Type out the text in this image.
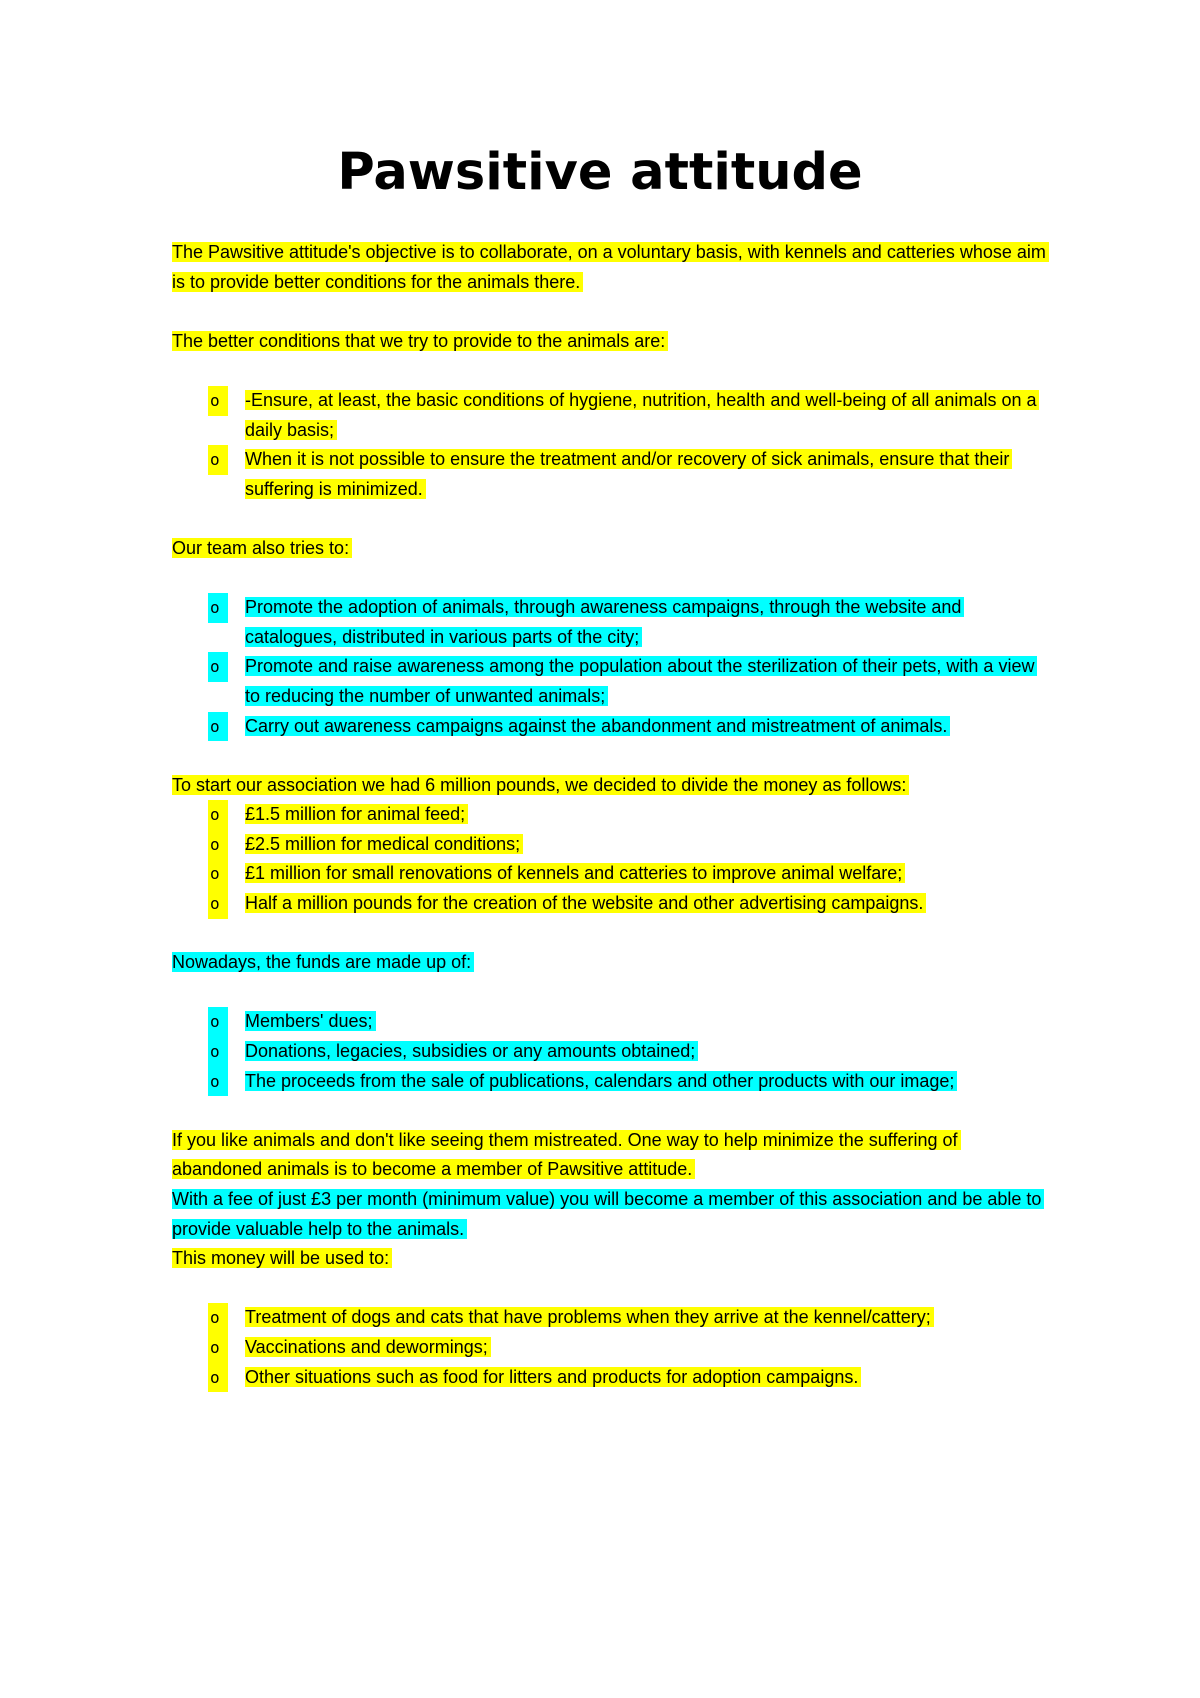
Pawsitive attitude

The Pawsitive attitude's objective is to collaborate, on a voluntary basis, with kennels and catteries whose aim is to provide better conditions for the animals there.

The better conditions that we try to provide to the animals are:

o	-Ensure, at least, the basic conditions of hygiene, nutrition, health and well-being of all animals on a daily basis;
o	When it is not possible to ensure the treatment and/or recovery of sick animals, ensure that their suffering is minimized.

Our team also tries to:

o	Promote the adoption of animals, through awareness campaigns, through the website and catalogues, distributed in various parts of the city;
o	Promote and raise awareness among the population about the sterilization of their pets, with a view to reducing the number of unwanted animals;
o	Carry out awareness campaigns against the abandonment and mistreatment of animals.

To start our association we had 6 million pounds, we decided to divide the money as follows:

o	£1.5 million for animal feed;
o	£2.5 million for medical conditions;
o	£1 million for small renovations of kennels and catteries to improve animal welfare;
o	Half a million pounds for the creation of the website and other advertising campaigns.

Nowadays, the funds are made up of:

o	Members' dues;
o	Donations, legacies, subsidies or any amounts obtained;
o	The proceeds from the sale of publications, calendars and other products with our image;

If you like animals and don't like seeing them mistreated. One way to help minimize the suffering of abandoned animals is to become a member of Pawsitive attitude.

With a fee of just £3 per month (minimum value) you will become a member of this association and be able to provide valuable help to the animals.

This money will be used to:

o	Treatment of dogs and cats that have problems when they arrive at the kennel/cattery;
o	Vaccinations and dewormings;
o	Other situations such as food for litters and products for adoption campaigns.
